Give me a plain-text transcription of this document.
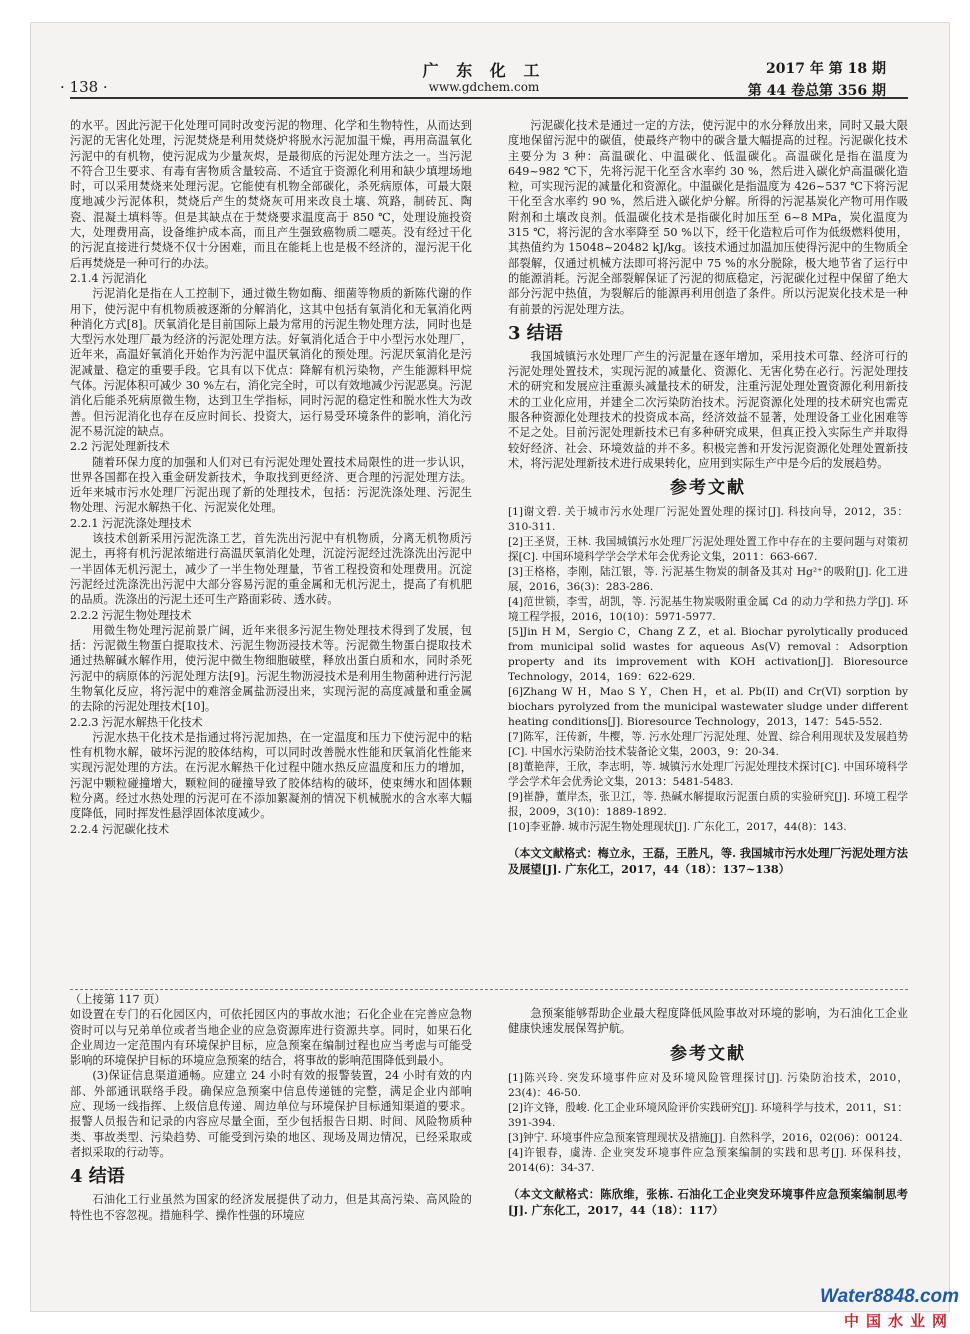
· 138 ·
广 东 化 工
www.gdchem.com
2017 年 第 18 期
第 44 卷总第 356 期

的水平。因此污泥干化处理可同时改变污泥的物理、化学和生物特性，从而达到污泥的无害化处理，污泥焚烧是利用焚烧炉将脱水污泥加温干燥，再用高温氧化污泥中的有机物，使污泥成为少量灰烬，是最彻底的污泥处理方法之一。当污泥不符合卫生要求、有毒有害物质含量较高、不适宜于资源化利用和缺少填埋场地时，可以采用焚烧来处理污泥。它能使有机物全部碳化，杀死病原体，可最大限度地减少污泥体积，焚烧后产生的焚烧灰可用来改良土壤、筑路，制砖瓦、陶瓷、混凝土填料等。但是其缺点在于焚烧要求温度高于 850 ℃，处理设施投资大，处理费用高，设备维护成本高，而且产生强致癌物质二噁英。没有经过干化的污泥直接进行焚烧不仅十分困难，而且在能耗上也是极不经济的，湿污泥干化后再焚烧是一种可行的办法。

2.1.4 污泥消化

污泥消化是指在人工控制下，通过微生物如酶、细菌等物质的新陈代谢的作用下，使污泥中有机物质被逐渐的分解消化，这其中包括有氧消化和无氧消化两种消化方式[8]。厌氧消化是目前国际上最为常用的污泥生物处理方法，同时也是大型污水处理厂最为经济的污泥处理方法。好氧消化适合于中小型污水处理厂，近年来，高温好氧消化开始作为污泥中温厌氧消化的预处理。污泥厌氧消化是污泥减量、稳定的重要手段。它具有以下优点：降解有机污染物，产生能源料甲烷气体。污泥体积可减少 30 %左右，消化完全时，可以有效地减少污泥恶臭。污泥消化后能杀死病原微生物，达到卫生学指标，同时污泥的稳定性和脱水性大为改善。但污泥消化也存在反应时间长、投资大，运行易受环境条件的影响，消化污泥不易沉淀的缺点。

2.2 污泥处理新技术

随着环保力度的加强和人们对已有污泥处理处置技术局限性的进一步认识，世界各国都在投入重金研发新技术，争取找到更经济、更合理的污泥处理方法。近年来城市污水处理厂污泥出现了新的处理技术，包括：污泥洗涤处理、污泥生物处理、污泥水解热干化、污泥炭化处理。

2.2.1 污泥洗涤处理技术

该技术创新采用污泥洗涤工艺，首先洗出污泥中有机物质，分离无机物质污泥土，再将有机污泥浓缩进行高温厌氧消化处理，沉淀污泥经过洗涤洗出污泥中一半固体无机污泥土，减少了一半生物处理量，节省工程投资和处理费用。沉淀污泥经过洗涤洗出污泥中大部分容易污泥的重金属和无机污泥土，提高了有机肥的品质。洗涤出的污泥土还可生产路面彩砖、透水砖。

2.2.2 污泥生物处理技术

用微生物处理污泥前景广阔，近年来很多污泥生物处理技术得到了发展，包括：污泥微生物蛋白提取技术、污泥生物沥浸技术等。污泥微生物蛋白提取技术通过热解碱水解作用，使污泥中微生物细胞破壁，释放出蛋白质和水，同时杀死污泥中的病原体的污泥处理方法[9]。污泥生物沥浸技术是利用生物菌种进行污泥生物氧化反应，将污泥中的难溶金属盐沥浸出来，实现污泥的高度减量和重金属的去除的污泥处理技术[10]。

2.2.3 污泥水解热干化技术

污泥水热干化技术是指通过将污泥加热，在一定温度和压力下使污泥中的粘性有机物水解，破坏污泥的胶体结构，可以同时改善脱水性能和厌氧消化性能来实现污泥处理的方法。在污泥水解热干化过程中随水热反应温度和压力的增加，污泥中颗粒碰撞增大，颗粒间的碰撞导致了胶体结构的破坏，使束缚水和固体颗粒分离。经过水热处理的污泥可在不添加絮凝剂的情况下机械脱水的含水率大幅度降低，同时挥发性悬浮固体浓度减少。

2.2.4 污泥碳化技术

污泥碳化技术是通过一定的方法，使污泥中的水分释放出来，同时又最大限度地保留污泥中的碳值，使最终产物中的碳含量大幅提高的过程。污泥碳化技术主要分为 3 种：高温碳化、中温碳化、低温碳化。高温碳化是指在温度为 649~982 ℃下，先将污泥干化至含水率约 30 %，然后进入碳化炉高温碳化造粒，可实现污泥的减量化和资源化。中温碳化是指温度为 426~537 ℃下将污泥干化至含水率约 90 %，然后进入碳化炉分解。所得的污泥基炭化产物可用作吸附剂和土壤改良剂。低温碳化技术是指碳化时加压至 6~8 MPa，炭化温度为 315 ℃，将污泥的含水率降至 50 %以下，经干化造粒后可作为低级燃料使用，其热值约为 15048~20482 kJ/kg。该技术通过加温加压使得污泥中的生物质全部裂解，仅通过机械方法即可将污泥中 75 %的水分脱除，极大地节省了运行中的能源消耗。污泥全部裂解保证了污泥的彻底稳定，污泥碳化过程中保留了绝大部分污泥中热值，为裂解后的能源再利用创造了条件。所以污泥炭化技术是一种有前景的污泥处理方法。

3 结语

我国城镇污水处理厂产生的污泥量在逐年增加，采用技术可靠、经济可行的污泥处理处置技术，实现污泥的减量化、资源化、无害化势在必行。污泥处理技术的研究和发展应注重源头减量技术的研发，注重污泥处理处置资源化利用新技术的工业化应用，并建全二次污染防治技术。污泥资源化处理的技术研究也需克服各种资源化处理技术的投资成本高，经济效益不显著，处理设备工业化困难等不足之处。目前污泥处理新技术已有多种研究成果，但真正投入实际生产并取得较好经济、社会、环境效益的并不多。积极完善和开发污泥资源化处理处置新技术，将污泥处理新技术进行成果转化，应用到实际生产中是今后的发展趋势。

参考文献

[1]谢文碧. 关于城市污水处理厂污泥处置处理的探讨[J]. 科技向导，2012，35：310-311.

[2]王圣贤，王林. 我国城镇污水处理厂污泥处理处置工作中存在的主要问题与对策初探[C]. 中国环境科学学会学术年会优秀论文集，2011：663-667.

[3]王格格，李刚，陆江银，等. 污泥基生物炭的制备及其对 Hg²⁺的吸附[J]. 化工进展，2016，36(3)：283-286.

[4]范世锁，李雪，胡凯，等. 污泥基生物炭吸附重金属 Cd 的动力学和热力学[J]. 环境工程学报，2016，10(10)：5971-5977.

[5]Jin H M，Sergio C，Chang Z Z，et al. Biochar pyrolytically produced from municipal solid wastes for aqueous As(V) removal：Adsorption property and its improvement with KOH activation[J]. Bioresource Technology，2014，169：622-629.

[6]Zhang W H，Mao S Y，Chen H，et al. Pb(II) and Cr(VI) sorption by biochars pyrolyzed from the municipal wastewater sludge under different heating conditions[J]. Bioresource Technology，2013，147：545-552.

[7]陈军，汪传新，牛樱，等. 污水处理厂污泥处理、处置、综合利用现状及发展趋势[C]. 中国水污染防治技术装备论文集，2003，9：20-34.

[8]董艳萍，王欣，李志明，等. 城镇污水处理厂污泥处理技术探讨[C]. 中国环境科学学会学术年会优秀论文集，2013：5481-5483.

[9]崔静，董岸杰，张卫江，等. 热碱水解提取污泥蛋白质的实验研究[J]. 环境工程学报，2009，3(10)：1889-1892.

[10]李亚静. 城市污泥生物处理现状[J]. 广东化工，2017，44(8)：143.

（本文文献格式：梅立永，王磊，王胜凡，等. 我国城市污水处理厂污泥处理方法及展望[J]. 广东化工，2017，44（18）：137~138）

（上接第 117 页）

如设置在专门的石化园区内，可依托园区内的事故水池；石化企业在完善应急物资时可以与兄弟单位或者当地企业的应急资源库进行资源共享。同时，如果石化企业周边一定范围内有环境保护目标，应急预案在编制过程也应当考虑与可能受影响的环境保护目标的环境应急预案的结合，将事故的影响范围降低到最小。

(3)保证信息渠道通畅。应建立 24 小时有效的报警装置，24 小时有效的内部、外部通讯联络手段。确保应急预案中信息传递链的完整，满足企业内部响应、现场一线指挥、上级信息传递、周边单位与环境保护目标通知渠道的要求。报警人员报告和记录的内容应尽量全面，至少包括报告日期、时间、风险物质种类、事故类型、污染趋势、可能受到污染的地区、现场及周边情况，已经采取或者拟采取的行动等。

4 结语

石油化工行业虽然为国家的经济发展提供了动力，但是其高污染、高风险的特性也不容忽视。措施科学、操作性强的环境应

急预案能够帮助企业最大程度降低风险事故对环境的影响，为石油化工企业健康快速发展保驾护航。

参考文献

[1]陈兴玲. 突发环境事件应对及环境风险管理探讨[J]. 污染防治技术，2010，23(4)：46-50.

[2]许文锋，殷峻. 化工企业环境风险评价实践研究[J]. 环境科学与技术，2011，S1：391-394.

[3]钟宁. 环境事件应急预案管理现状及措施[J]. 自然科学，2016，02(06)：00124.

[4]许银春，虞涛. 企业突发环境事件应急预案编制的实践和思考[J]. 环保科技，2014(6)：34-37.

（本文文献格式：陈欣维，张栋. 石油化工企业突发环境事件应急预案编制思考[J]. 广东化工，2017，44（18）：117）

Water8848.com
中国水业网
